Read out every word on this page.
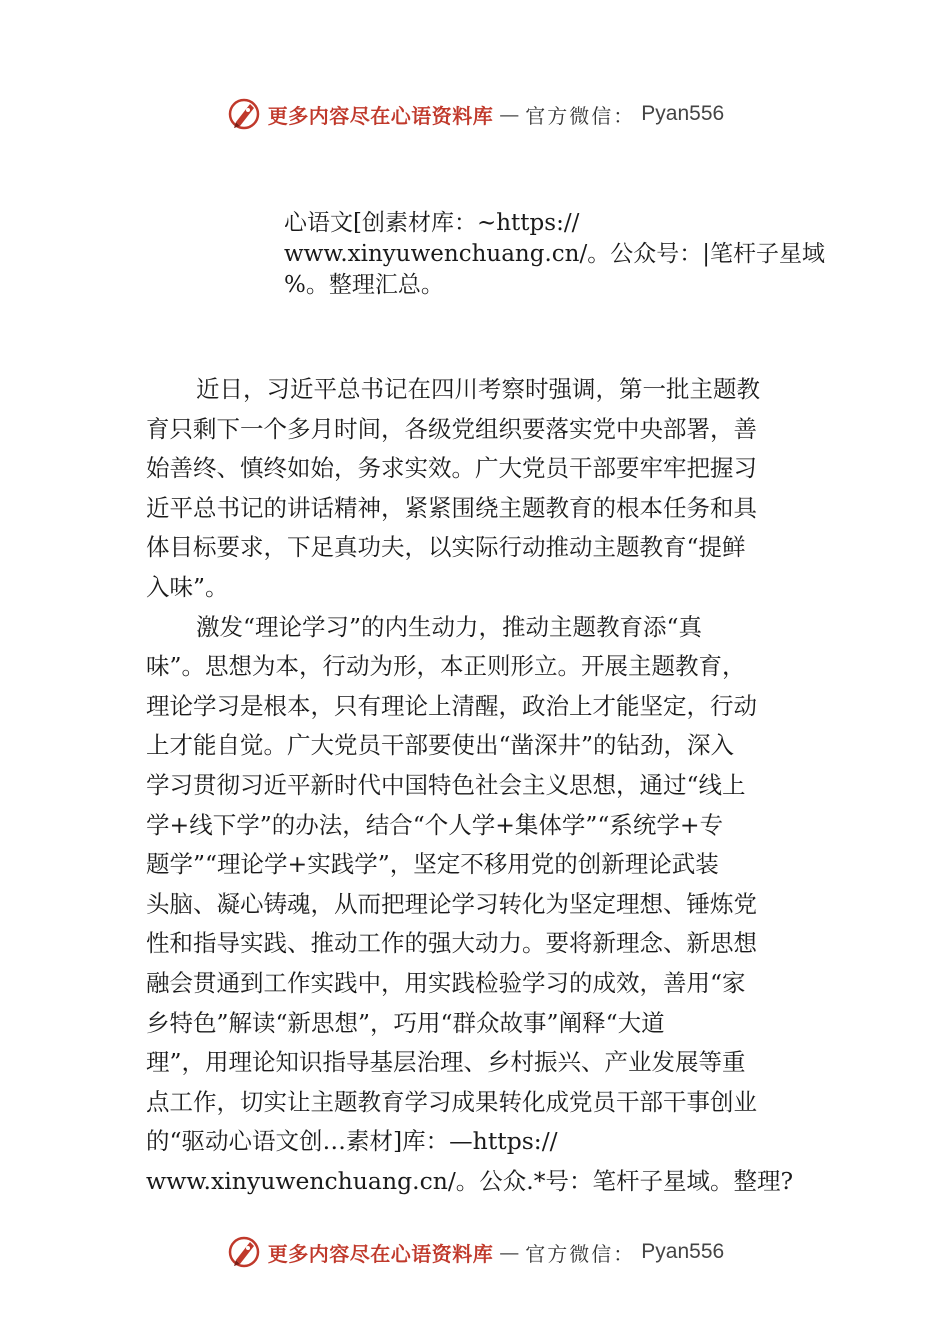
更多内容尽在心语资料库 — 官方微信： Pyan556
心语文[创素材库：~https://
www.xinyuwenchuang.cn/。公众号：|笔杆子星域
%。整理汇总。
近日，习近平总书记在四川考察时强调，第一批主题教
育只剩下一个多月时间，各级党组织要落实党中央部署，善
始善终、慎终如始，务求实效。广大党员干部要牢牢把握习
近平总书记的讲话精神，紧紧围绕主题教育的根本任务和具
体目标要求，下足真功夫，以实际行动推动主题教育“提鲜
入味”。
激发“理论学习”的内生动力，推动主题教育添“真
味”。思想为本，行动为形，本正则形立。开展主题教育，
理论学习是根本，只有理论上清醒，政治上才能坚定，行动
上才能自觉。广大党员干部要使出“凿深井”的钻劲，深入
学习贯彻习近平新时代中国特色社会主义思想，通过“线上
学+线下学”的办法，结合“个人学+集体学”“系统学+专
题学”“理论学+实践学”，坚定不移用党的创新理论武装
头脑、凝心铸魂，从而把理论学习转化为坚定理想、锤炼党
性和指导实践、推动工作的强大动力。要将新理念、新思想
融会贯通到工作实践中，用实践检验学习的成效，善用“家
乡特色”解读“新思想”，巧用“群众故事”阐释“大道
理”，用理论知识指导基层治理、乡村振兴、产业发展等重
点工作，切实让主题教育学习成果转化成党员干部干事创业
的“驱动心语文创…素材]库：—https://
www.xinyuwenchuang.cn/。公众.*号：笔杆子星域。整理?
更多内容尽在心语资料库 — 官方微信： Pyan556
